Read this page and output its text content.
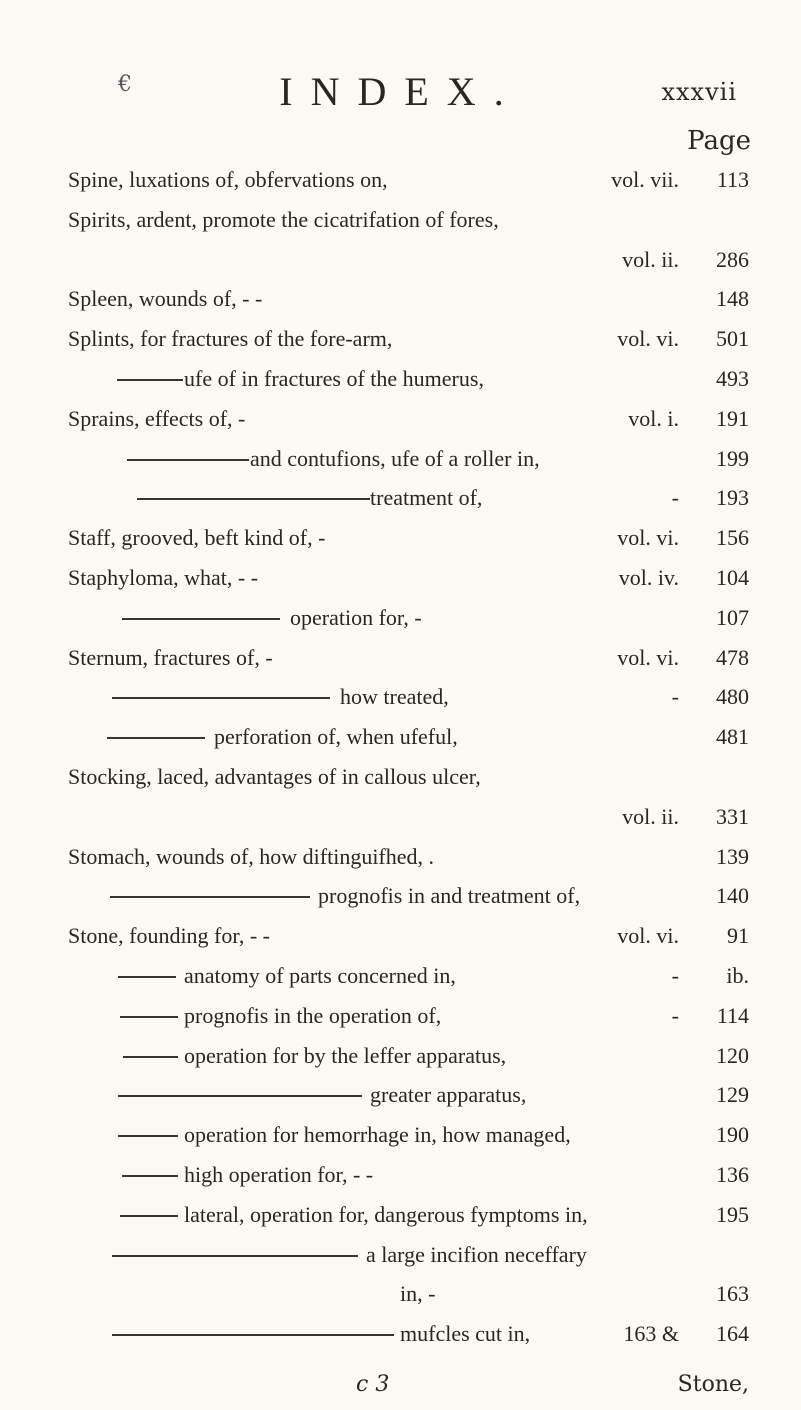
€	INDEX.	xxxvii
Page
Spine, luxations of, obfervations on,	vol. vii.	113
Spirits, ardent, promote the cicatrifation of fores,
vol. ii.	286
Spleen, wounds of, - -	148
Splints, for fractures of the fore-arm,	vol. vi.	501
ufe of in fractures of the humerus,	493
Sprains, effects of, -	vol. i.	191
and contufions, ufe of a roller in,	199
treatment of,	-	193
Staff, grooved, beft kind of, -	vol. vi.	156
Staphyloma, what, - -	vol. iv.	104
operation for, -	107
Sternum, fractures of, -	vol. vi.	478
how treated,	-	480
perforation of, when ufeful,	481
Stocking, laced, advantages of in callous ulcer,
vol. ii.	331
Stomach, wounds of, how diftinguifhed, .	139
prognofis in and treatment of,	140
Stone, founding for, - -	vol. vi.	91
anatomy of parts concerned in,	-	ib.
prognofis in the operation of,	-	114
operation for by the leffer apparatus,	120
greater apparatus,	129
operation for hemorrhage in, how managed,	190
high operation for, - -	136
lateral, operation for, dangerous fymptoms in,	195
a large incifion neceffary
in, -	163
mufcles cut in,	163 &	164
c 3	Stone,
